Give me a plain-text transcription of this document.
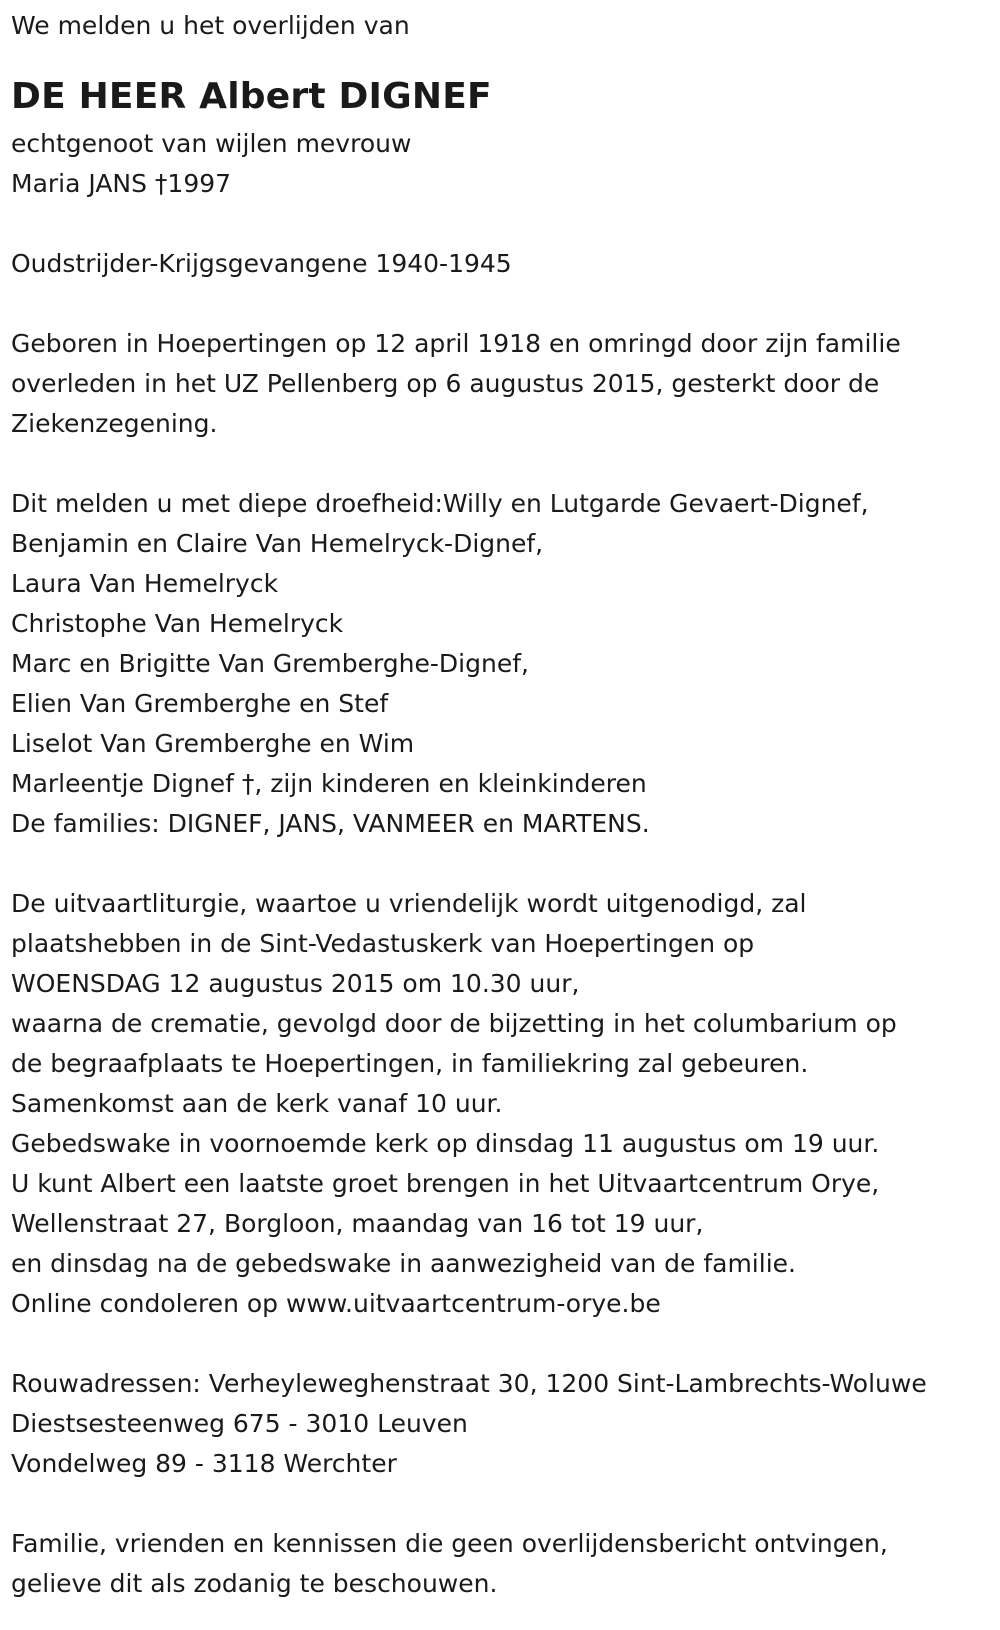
We melden u het overlijden van

DE HEER Albert DIGNEF

echtgenoot van wijlen mevrouw

Maria JANS †1997

Oudstrijder-Krijgsgevangene 1940-1945

Geboren in Hoepertingen op 12 april 1918 en omringd door zijn familie

overleden in het UZ Pellenberg op 6 augustus 2015, gesterkt door de

Ziekenzegening.

Dit melden u met diepe droefheid:Willy en Lutgarde Gevaert-Dignef,

Benjamin en Claire Van Hemelryck-Dignef,

Laura Van Hemelryck

Christophe Van Hemelryck

Marc en Brigitte Van Gremberghe-Dignef,

Elien Van Gremberghe en Stef

Liselot Van Gremberghe en Wim

Marleentje Dignef †, zijn kinderen en kleinkinderen

De families: DIGNEF, JANS, VANMEER en MARTENS.

De uitvaartliturgie, waartoe u vriendelijk wordt uitgenodigd, zal

plaatshebben in de Sint-Vedastuskerk van Hoepertingen op

WOENSDAG 12 augustus 2015 om 10.30 uur,

waarna de crematie, gevolgd door de bijzetting in het columbarium op

de begraafplaats te Hoepertingen, in familiekring zal gebeuren.

Samenkomst aan de kerk vanaf 10 uur.

Gebedswake in voornoemde kerk op dinsdag 11 augustus om 19 uur.

U kunt Albert een laatste groet brengen in het Uitvaartcentrum Orye,

Wellenstraat 27, Borgloon, maandag van 16 tot 19 uur,

en dinsdag na de gebedswake in aanwezigheid van de familie.

Online condoleren op www.uitvaartcentrum-orye.be

Rouwadressen: Verheyleweghenstraat 30, 1200 Sint-Lambrechts-Woluwe

Diestsesteenweg 675 - 3010 Leuven

Vondelweg 89 - 3118 Werchter

Familie, vrienden en kennissen die geen overlijdensbericht ontvingen,

gelieve dit als zodanig te beschouwen.
